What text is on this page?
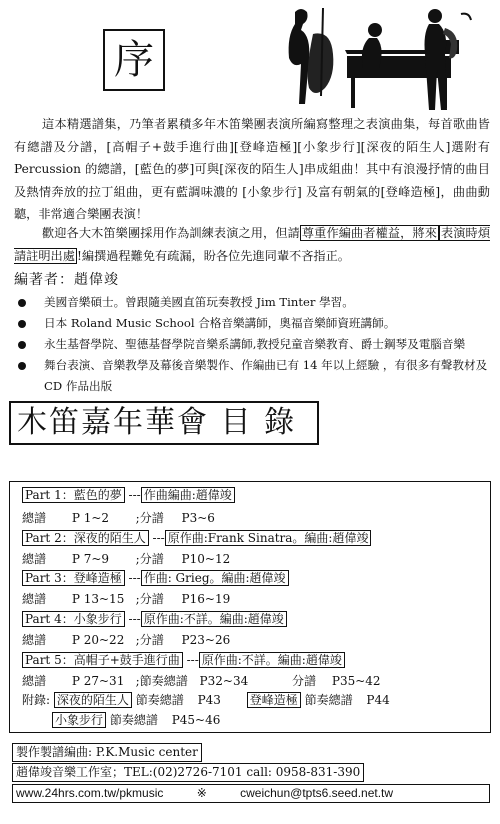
序

這本精選譜集，乃筆者累積多年木笛樂團表演所編寫整理之表演曲集，每首歌曲皆有總譜及分譜，[高帽子+鼓手進行曲][登峰造極][小象步行][深夜的陌生人]選附有 Percussion 的總譜，[藍色的夢]可與[深夜的陌生人]串成組曲！其中有浪漫抒情的曲目及熱情奔放的拉丁組曲，更有藍調味濃的 [小象步行] 及富有朝氣的[登峰造極]，曲曲動聽，非常適合樂團表演！

歡迎各大木笛樂團採用作為訓練表演之用，但請 尊重作編曲者權益，將來 表演時煩請註明出處 !編撰過程難免有疏漏，盼各位先進同輩不吝指正。

編著者：趙偉竣
美國音樂碩士。曾跟隨美國直笛玩奏教授 Jim Tinter 學習。
日本 Roland Music School 合格音樂講師，奧福音樂師資班講師。
永生基督學院、聖德基督學院音樂系講師,教授兒童音樂教育、爵士鋼琴及電腦音樂
舞台表演、音樂教學及幕後音樂製作、作編曲已有 14 年以上經驗 ，有很多有聲教材及 CD 作品出版
木笛嘉年華會 目 錄
Part 1：藍色的夢 --- 作曲編曲:趙偉竣
總譜 P 1~2 ;分譜 P3~6
Part 2：深夜的陌生人 --- 原作曲:Frank Sinatra。編曲:趙偉竣
總譜 P 7~9 ;分譜 P10~12
Part 3：登峰造極 --- 作曲: Grieg。編曲:趙偉竣
總譜 P 13~15 ;分譜 P16~19
Part 4：小象步行 --- 原作曲:不詳。編曲:趙偉竣
總譜 P 20~22 ;分譜 P23~26
Part 5：高帽子+鼓手進行曲 --- 原作曲:不詳。編曲:趙偉竣
總譜 P 27~31 ;節奏總譜 P32~34	分譜 P35~42
附錄: 深夜的陌生人 節奏總譜 P43 登峰造極 節奏總譜 P44
小象步行 節奏總譜 P45~46
製作製譜編曲: P.K.Music center
趙偉竣音樂工作室；TEL:(02)2726-7101 call: 0958-831-390
www.24hrs.com.tw/pkmusic	※	cweichun@tpts6.seed.net.tw
